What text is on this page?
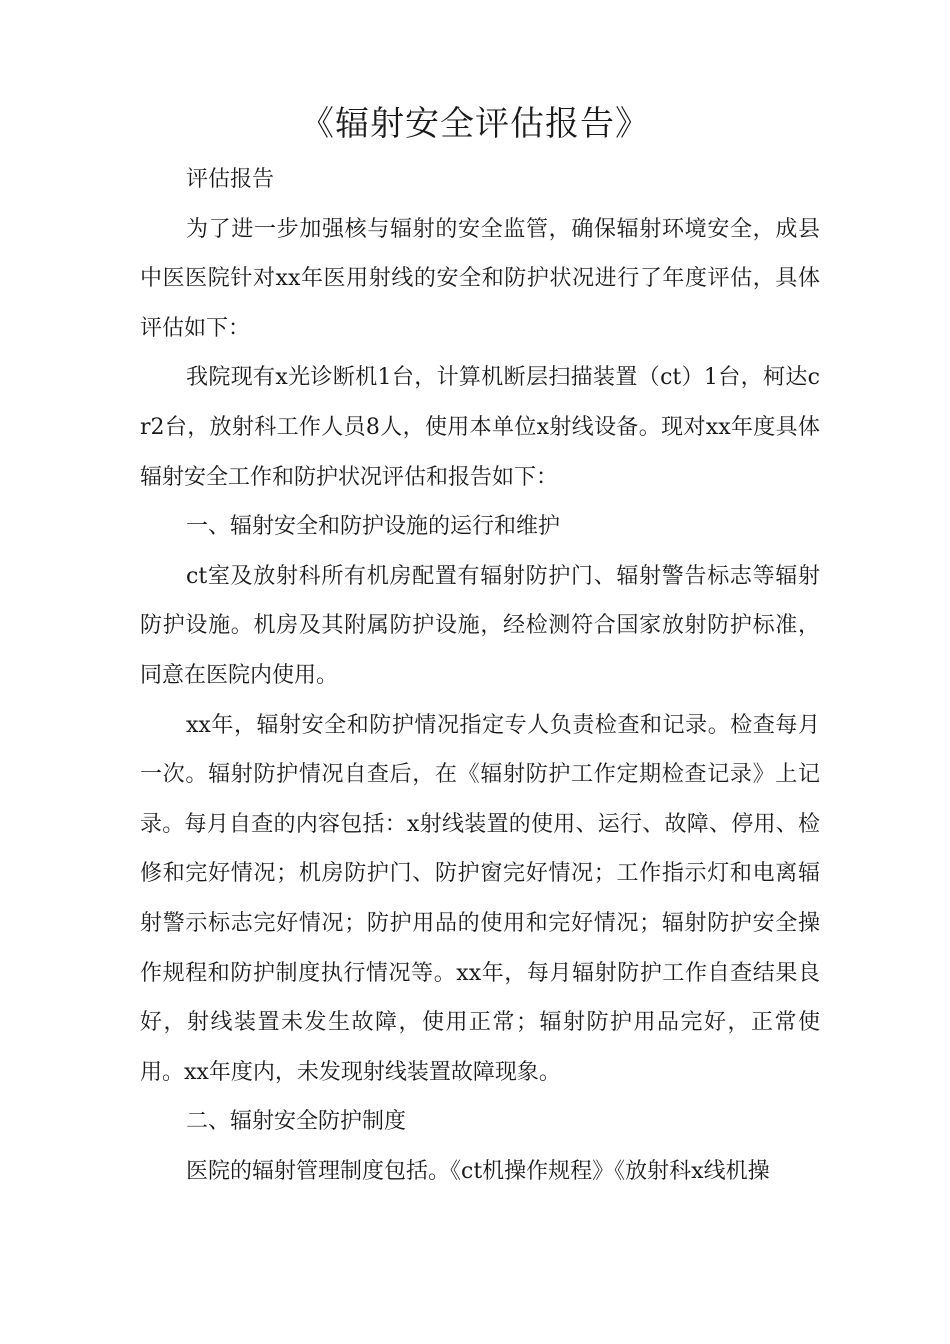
《辐射安全评估报告》

评估报告

为了进一步加强核与辐射的安全监管，确保辐射环境安全，成县中医医院针对xx年医用射线的安全和防护状况进行了年度评估，具体评估如下：

我院现有x光诊断机1台，计算机断层扫描装置（ct）1台，柯达cr2台，放射科工作人员8人，使用本单位x射线设备。现对xx年度具体辐射安全工作和防护状况评估和报告如下：

一、辐射安全和防护设施的运行和维护

ct室及放射科所有机房配置有辐射防护门、辐射警告标志等辐射防护设施。机房及其附属防护设施，经检测符合国家放射防护标准，同意在医院内使用。

xx年，辐射安全和防护情况指定专人负责检查和记录。检查每月一次。辐射防护情况自查后，在《辐射防护工作定期检查记录》上记录。每月自查的内容包括：x射线装置的使用、运行、故障、停用、检修和完好情况；机房防护门、防护窗完好情况；工作指示灯和电离辐射警示标志完好情况；防护用品的使用和完好情况；辐射防护安全操作规程和防护制度执行情况等。xx年，每月辐射防护工作自查结果良好，射线装置未发生故障，使用正常；辐射防护用品完好，正常使用。xx年度内，未发现射线装置故障现象。

二、辐射安全防护制度

医院的辐射管理制度包括。《ct机操作规程》《放射科x线机操
